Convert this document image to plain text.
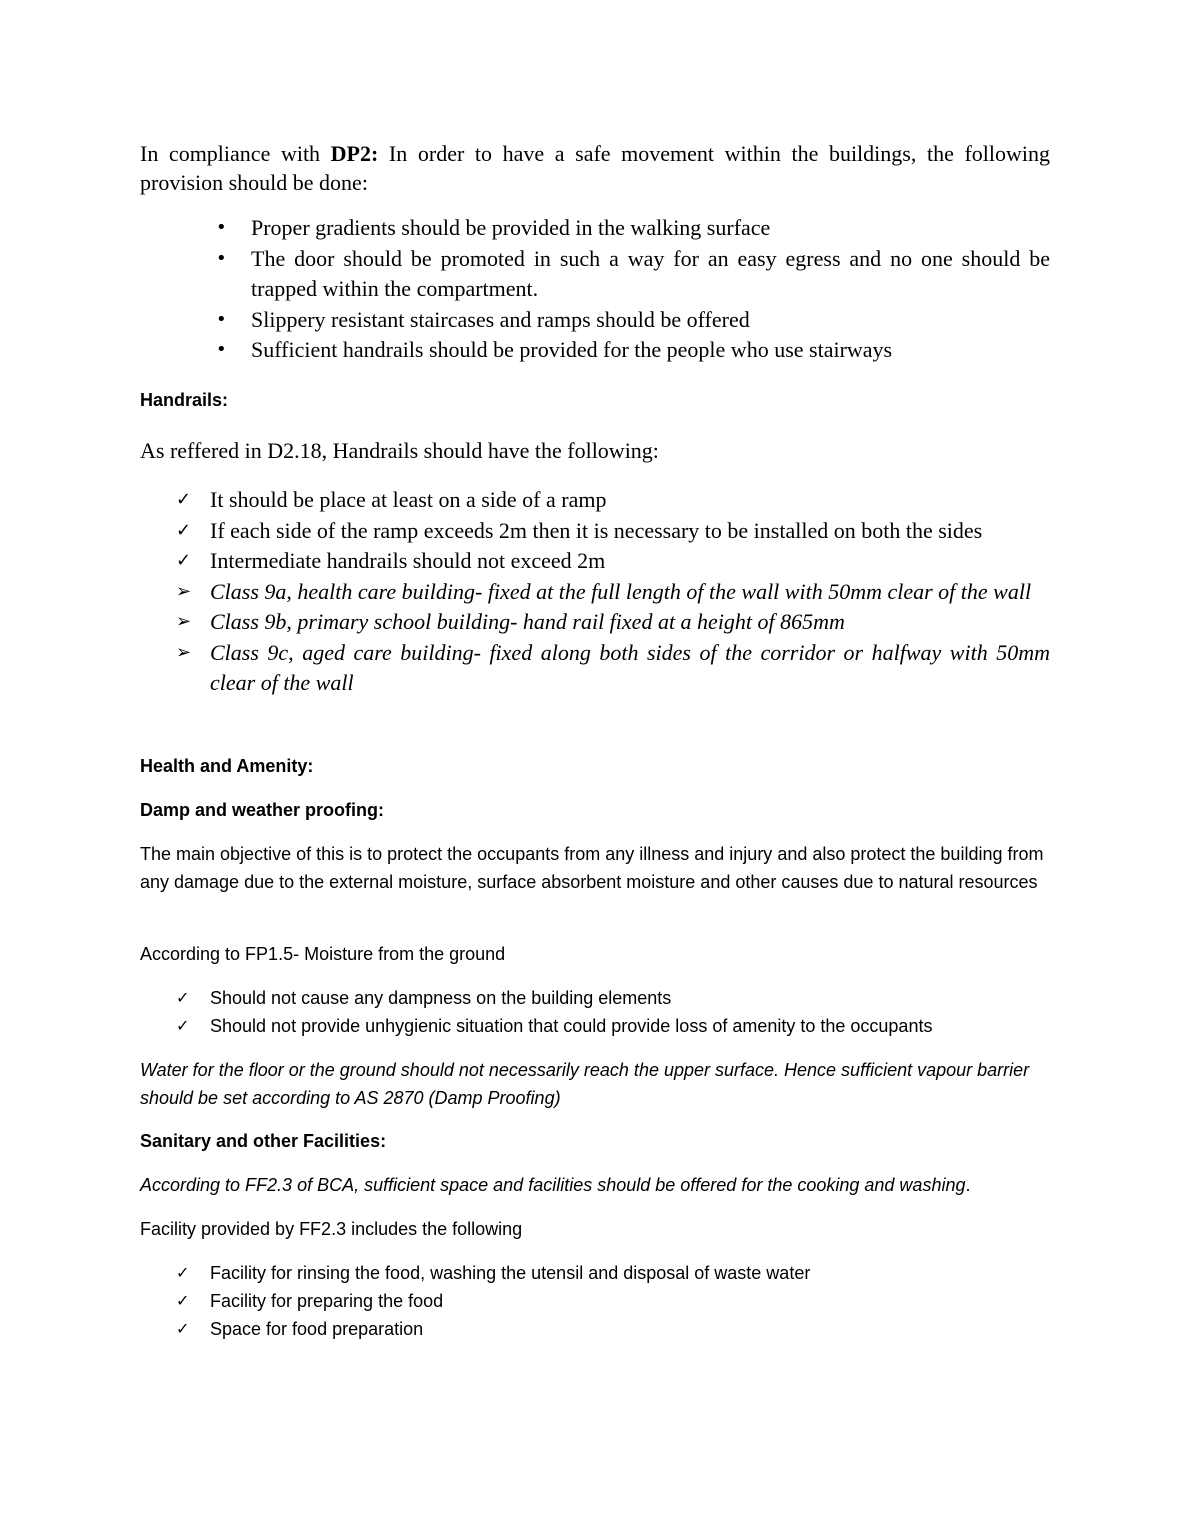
In compliance with DP2: In order to have a safe movement within the buildings, the following provision should be done:

• Proper gradients should be provided in the walking surface
• The door should be promoted in such a way for an easy egress and no one should be trapped within the compartment.
• Slippery resistant staircases and ramps should be offered
• Sufficient handrails should be provided for the people who use stairways

Handrails:

As reffered in D2.18, Handrails should have the following:

✓ It should be place at least on a side of a ramp
✓ If each side of the ramp exceeds 2m then it is necessary to be installed on both the sides
✓ Intermediate handrails should not exceed 2m
➢ Class 9a, health care building- fixed at the full length of the wall with 50mm clear of the wall
➢ Class 9b, primary school building- hand rail fixed at a height of 865mm
➢ Class 9c, aged care building- fixed along both sides of the corridor or halfway with 50mm clear of the wall

Health and Amenity:

Damp and weather proofing:

The main objective of this is to protect the occupants from any illness and injury and also protect the building from any damage due to the external moisture, surface absorbent moisture and other causes due to natural resources

According to FP1.5- Moisture from the ground

✓ Should not cause any dampness on the building elements
✓ Should not provide unhygienic situation that could provide loss of amenity to the occupants

Water for the floor or the ground should not necessarily reach the upper surface. Hence sufficient vapour barrier should be set according to AS 2870 (Damp Proofing)

Sanitary and other Facilities:

According to FF2.3 of BCA, sufficient space and facilities should be offered for the cooking and washing.

Facility provided by FF2.3 includes the following

✓ Facility for rinsing the food, washing the utensil and disposal of waste water
✓ Facility for preparing the food
✓ Space for food preparation
